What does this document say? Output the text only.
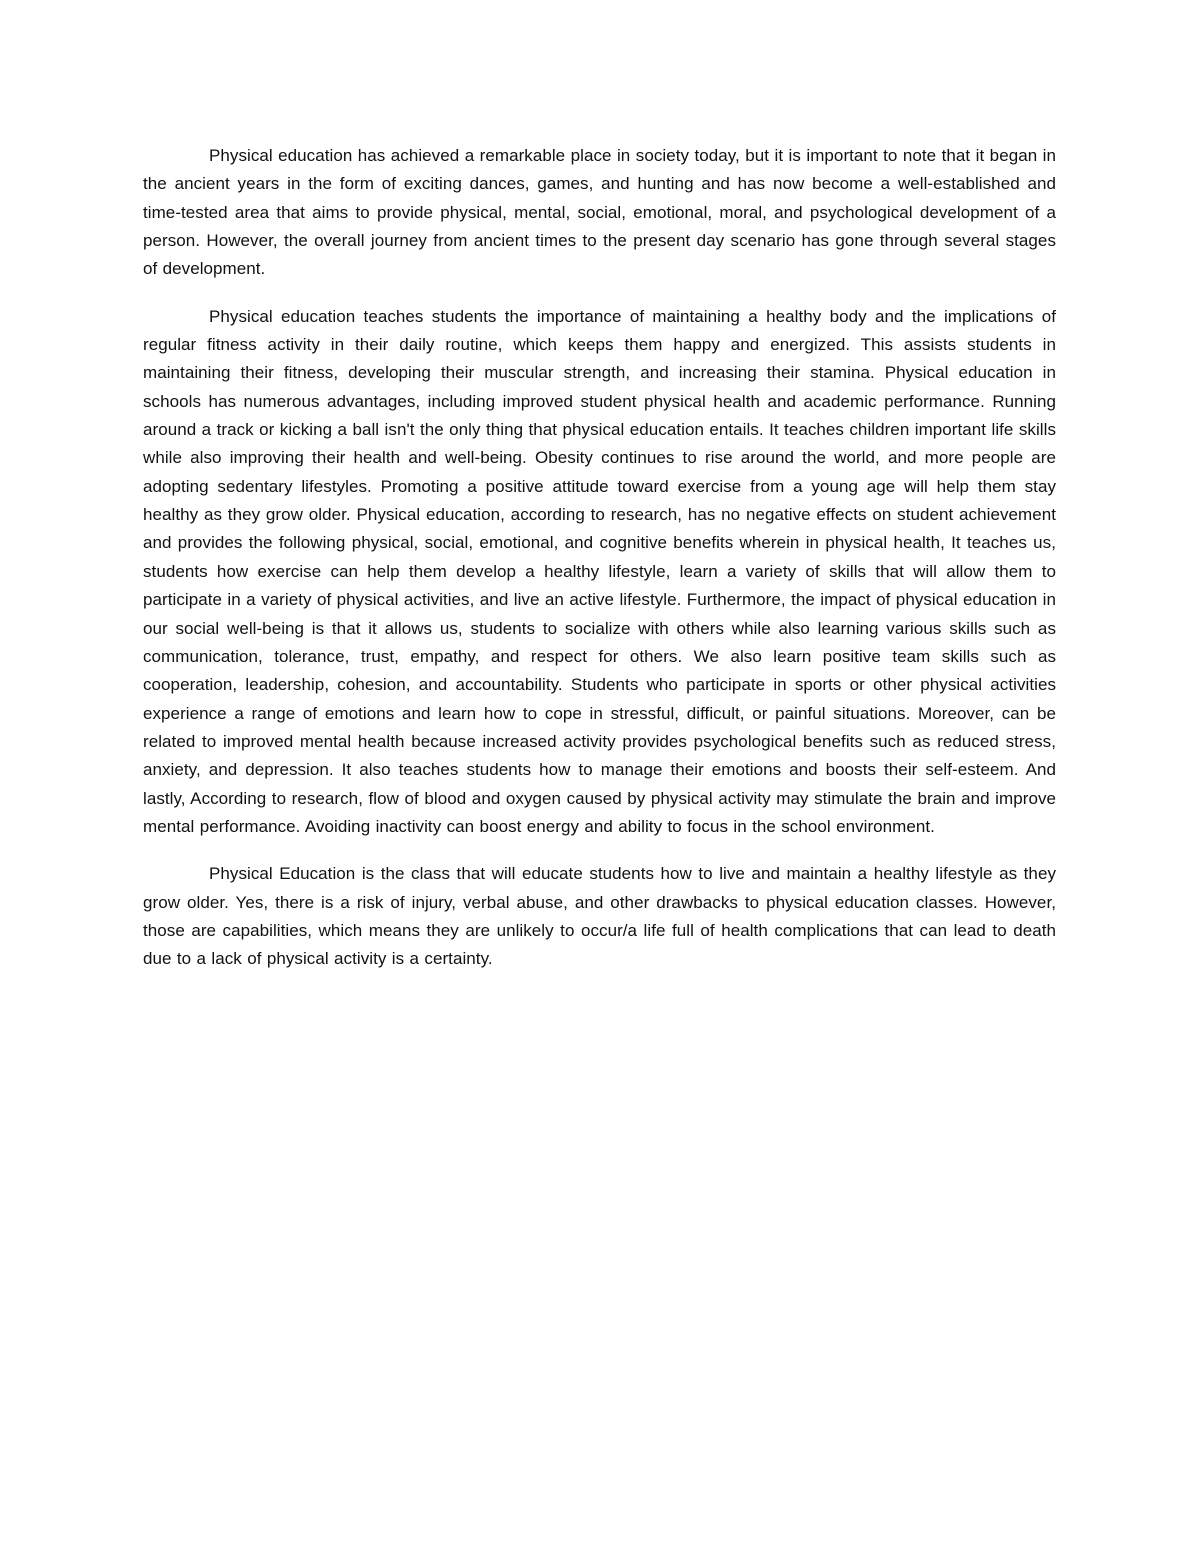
Physical education has achieved a remarkable place in society today, but it is important to note that it began in the ancient years in the form of exciting dances, games, and hunting and has now become a well-established and time-tested area that aims to provide physical, mental, social, emotional, moral, and psychological development of a person. However, the overall journey from ancient times to the present day scenario has gone through several stages of development.

Physical education teaches students the importance of maintaining a healthy body and the implications of regular fitness activity in their daily routine, which keeps them happy and energized. This assists students in maintaining their fitness, developing their muscular strength, and increasing their stamina. Physical education in schools has numerous advantages, including improved student physical health and academic performance. Running around a track or kicking a ball isn't the only thing that physical education entails. It teaches children important life skills while also improving their health and well-being. Obesity continues to rise around the world, and more people are adopting sedentary lifestyles. Promoting a positive attitude toward exercise from a young age will help them stay healthy as they grow older. Physical education, according to research, has no negative effects on student achievement and provides the following physical, social, emotional, and cognitive benefits wherein in physical health, It teaches us, students how exercise can help them develop a healthy lifestyle, learn a variety of skills that will allow them to participate in a variety of physical activities, and live an active lifestyle. Furthermore, the impact of physical education in our social well-being is that it allows us, students to socialize with others while also learning various skills such as communication, tolerance, trust, empathy, and respect for others. We also learn positive team skills such as cooperation, leadership, cohesion, and accountability. Students who participate in sports or other physical activities experience a range of emotions and learn how to cope in stressful, difficult, or painful situations. Moreover, can be related to improved mental health because increased activity provides psychological benefits such as reduced stress, anxiety, and depression. It also teaches students how to manage their emotions and boosts their self-esteem. And lastly, According to research, flow of blood and oxygen caused by physical activity may stimulate the brain and improve mental performance. Avoiding inactivity can boost energy and ability to focus in the school environment.

Physical Education is the class that will educate students how to live and maintain a healthy lifestyle as they grow older. Yes, there is a risk of injury, verbal abuse, and other drawbacks to physical education classes. However, those are capabilities, which means they are unlikely to occur/a life full of health complications that can lead to death due to a lack of physical activity is a certainty.
